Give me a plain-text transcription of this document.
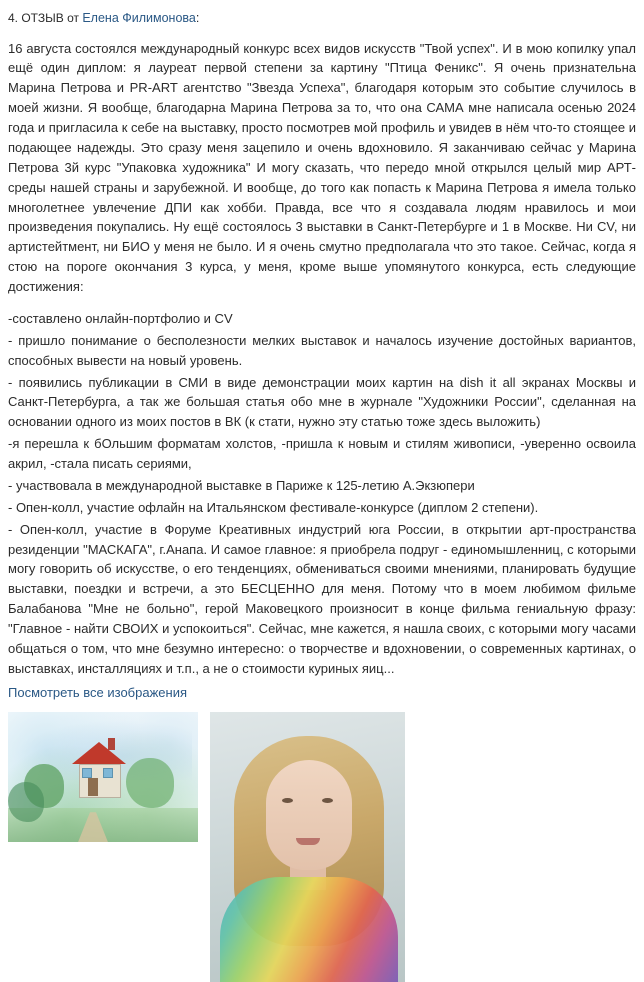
4. ОТЗЫВ от Елена Филимонова:

16 августа состоялся международный конкурс всех видов искусств "Твой успех". И в мою копилку упал ещё один диплом: я лауреат первой степени за картину "Птица Феникс". Я очень признательна Марина Петрова и PR-ART агентство "Звезда Успеха", благодаря которым это событие случилось в моей жизни. Я вообще, благодарна Марина Петрова за то, что она САМА мне написала осенью 2024 года и пригласила к себе на выставку, просто посмотрев мой профиль и увидев в нём что-то стоящее и подающее надежды. Это сразу меня зацепило и очень вдохновило. Я заканчиваю сейчас у Марина Петрова 3й курс "Упаковка художника" И могу сказать, что передо мной открылся целый мир АРТ-среды нашей страны и зарубежной. И вообще, до того как попасть к Марина Петрова я имела только многолетнее увлечение ДПИ как хобби. Правда, все что я создавала людям нравилось и мои произведения покупались. Ну ещё состоялось 3 выставки в Санкт-Петербурге и 1 в Москве. Ни CV, ни артистейтмент, ни БИО у меня не было. И я очень смутно предполагала что это такое. Сейчас, когда я стою на пороге окончания 3 курса, у меня, кроме выше упомянутого конкурса, есть следующие достижения:

-составлено онлайн-портфолио и CV

- пришло понимание о бесполезности мелких выставок и началось изучение достойных вариантов, способных вывести на новый уровень.

- появились публикации в СМИ в виде демонстрации моих картин на dish it all экранах Москвы и Санкт-Петербурга, а так же большая статья обо мне в журнале "Художники России", сделанная на основании одного из моих постов в ВК (к стати, нужно эту статью тоже здесь выложить)

-я перешла к бОльшим форматам холстов, -пришла к новым и стилям живописи, -уверенно освоила акрил, -стала писать сериями,

- участвовала в международной выставке в Париже к 125-летию А.Экзюпери

- Опен-колл, участие офлайн на Итальянском фестивале-конкурсе (диплом 2 степени).

- Опен-колл, участие в Форуме Креативных индустрий юга России, в открытии арт-пространства резиденции "МАСКАГА", г.Анапа. И самое главное: я приобрела подруг - единомышленниц, с которыми могу говорить об искусстве, о его тенденциях, обмениваться своими мнениями, планировать будущие выставки, поездки и встречи, а это БЕСЦЕННО для меня. Потому что в моем любимом фильме Балабанова "Мне не больно", герой Маковецкого произносит в конце фильма гениальную фразу: "Главное - найти СВОИХ и успокоиться". Сейчас, мне кажется, я нашла своих, с которыми могу часами общаться о том, что мне безумно интересно: о творчестве и вдохновении, о современных картинах, о выставках, инсталляциях и т.п., а не о стоимости куриных яиц...

Посмотреть все изображения
